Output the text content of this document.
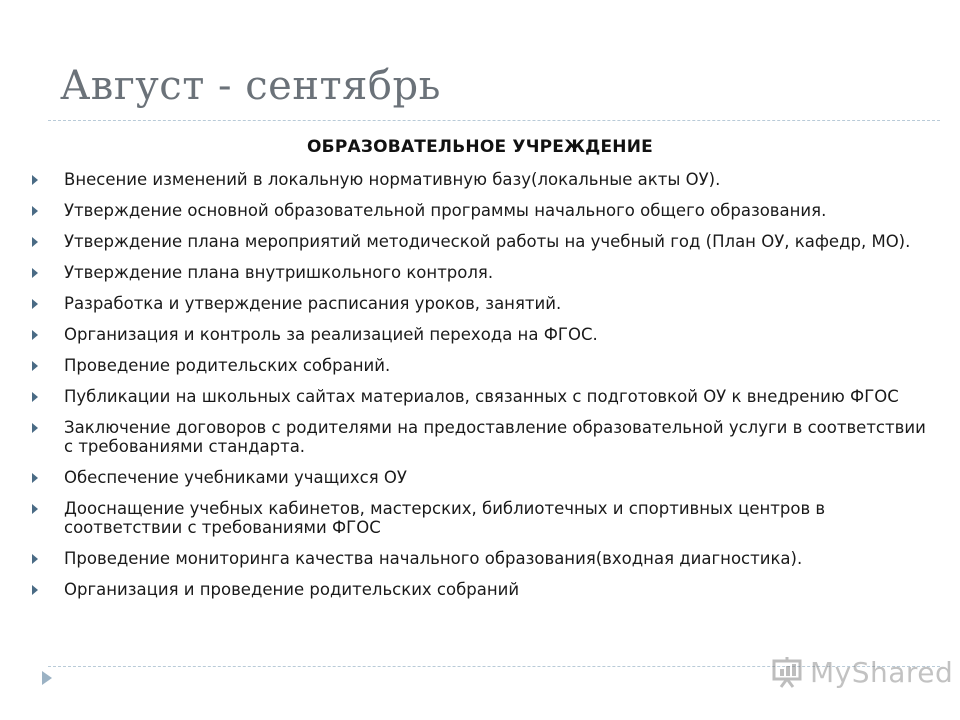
Август - сентябрь
ОБРАЗОВАТЕЛЬНОЕ УЧРЕЖДЕНИЕ
Внесение изменений в локальную нормативную базу(локальные акты ОУ).
Утверждение основной образовательной программы начального общего образования.
Утверждение плана мероприятий методической работы на учебный год (План ОУ, кафедр, МО).
Утверждение плана внутришкольного контроля.
Разработка и утверждение расписания уроков, занятий.
Организация и контроль за реализацией перехода на ФГОС.
Проведение родительских собраний.
Публикации на школьных сайтах материалов, связанных с подготовкой ОУ к внедрению ФГОС
Заключение договоров с родителями на предоставление образовательной услуги в соответствии с требованиями стандарта.
Обеспечение учебниками учащихся ОУ
Дооснащение учебных кабинетов, мастерских, библиотечных и спортивных центров в соответствии с требованиями ФГОС
Проведение мониторинга качества начального образования(входная диагностика).
Организация и проведение родительских собраний
MyShared
